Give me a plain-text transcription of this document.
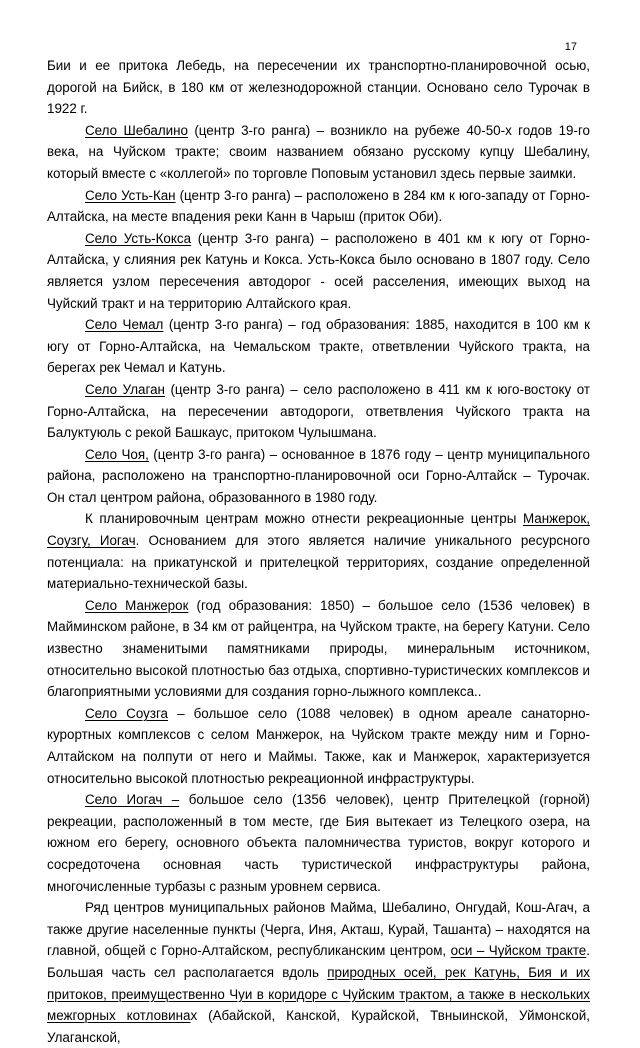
17

Бии и ее притока Лебедь, на пересечении их транспортно-планировочной осью, дорогой на Бийск, в 180 км от железнодорожной станции. Основано село Турочак в 1922 г.

Село Шебалино (центр 3-го ранга) – возникло на рубеже 40-50-х годов 19-го века, на Чуйском тракте; своим названием обязано русскому купцу Шебалину, который вместе с «коллегой» по торговле Поповым установил здесь первые заимки.

Село Усть-Кан (центр 3-го ранга) – расположено в 284 км к юго-западу от Горно-Алтайска, на месте впадения реки Канн в Чарыш (приток Оби).

Село Усть-Кокса (центр 3-го ранга) – расположено в 401 км к югу от Горно-Алтайска, у слияния рек Катунь и Кокса. Усть-Кокса было основано в 1807 году. Село является узлом пересечения автодорог - осей расселения, имеющих выход на Чуйский тракт и на территорию Алтайского края.

Село Чемал (центр 3-го ранга) – год образования: 1885, находится в 100 км к югу от Горно-Алтайска, на Чемальском тракте, ответвлении Чуйского тракта, на берегах рек Чемал и Катунь.

Село Улаган (центр 3-го ранга) – село расположено в 411 км к юго-востоку от Горно-Алтайска, на пересечении автодороги, ответвления Чуйского тракта на Балуктуюль с рекой Башкаус, притоком Чулышмана.

Село Чоя, (центр 3-го ранга) – основанное в 1876 году – центр муниципального района, расположено на транспортно-планировочной оси Горно-Алтайск – Турочак. Он стал центром района, образованного в 1980 году.

К планировочным центрам можно отнести рекреационные центры Манжерок, Соузгу, Иогач. Основанием для этого является наличие уникального ресурсного потенциала: на прикатунской и прителецкой территориях, создание определенной материально-технической базы.

Село Манжерок (год образования: 1850) – большое село (1536 человек) в Майминском районе, в 34 км от райцентра, на Чуйском тракте, на берегу Катуни. Село известно знаменитыми памятниками природы, минеральным источником, относительно высокой плотностью баз отдыха, спортивно-туристических комплексов и благоприятными условиями для создания горно-лыжного комплекса..

Село Соузга – большое село (1088 человек) в одном ареале санаторно-курортных комплексов с селом Манжерок, на Чуйском тракте между ним и Горно-Алтайском на полпути от него и Маймы. Также, как и Манжерок, характеризуется относительно высокой плотностью рекреационной инфраструктуры.

Село Иогач – большое село (1356 человек), центр Прителецкой (горной) рекреации, расположенный в том месте, где Бия вытекает из Телецкого озера, на южном его берегу, основного объекта паломничества туристов, вокруг которого и сосредоточена основная часть туристической инфраструктуры района, многочисленные турбазы с разным уровнем сервиса.

Ряд центров муниципальных районов Майма, Шебалино, Онгудай, Кош-Агач, а также другие населенные пункты (Черга, Иня, Акташ, Курай, Ташанта) – находятся на главной, общей с Горно-Алтайском, республиканским центром, оси – Чуйском тракте. Большая часть сел располагается вдоль природных осей, рек Катунь, Бия и их притоков, преимущественно Чуи в коридоре с Чуйским трактом, а также в нескольких межгорных котловинах (Абайской, Канской, Курайской, Твныинской, Уймонской, Улаганской,
